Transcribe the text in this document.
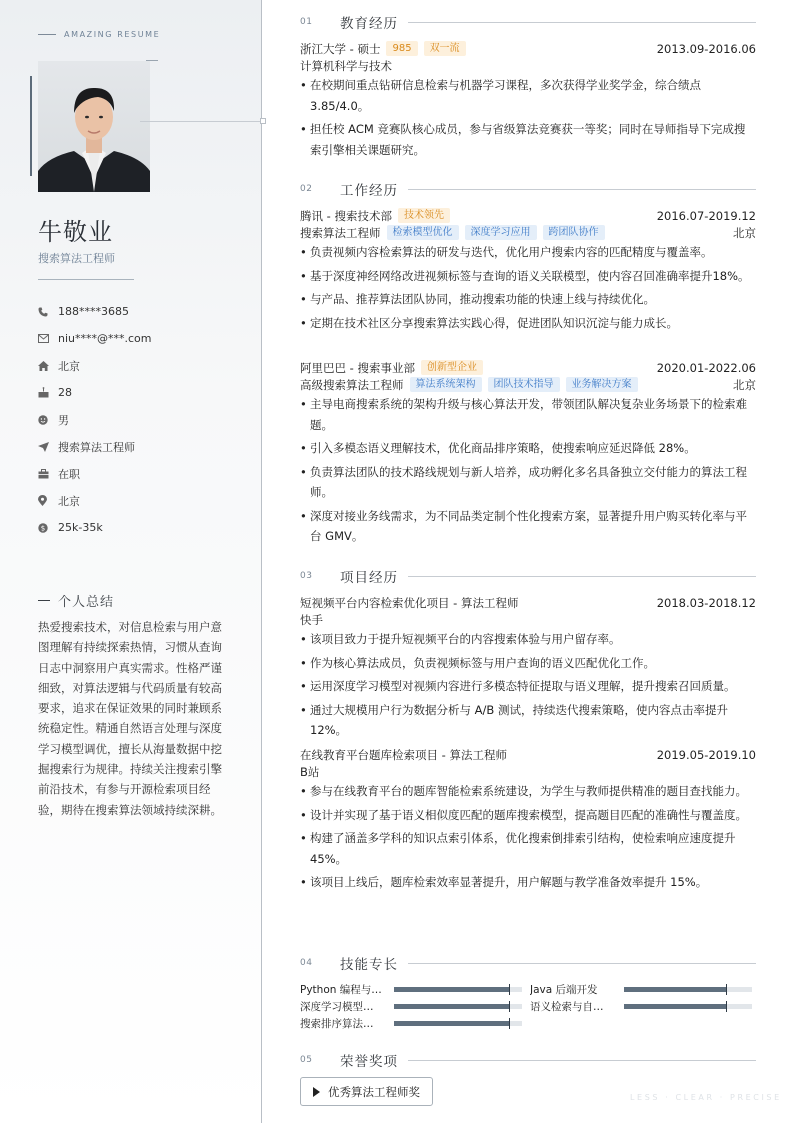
AMAZING RESUME
牛敬业
搜索算法工程师
188****3685
niu****@***.com
北京
28
男
搜索算法工程师
在职
北京
$ 25k-35k
个人总结
热爱搜索技术，对信息检索与用户意图理解有持续探索热情，习惯从查询日志中洞察用户真实需求。性格严谨细致，对算法逻辑与代码质量有较高要求，追求在保证效果的同时兼顾系统稳定性。精通自然语言处理与深度学习模型调优，擅长从海量数据中挖掘搜索行为规律。持续关注搜索引擎前沿技术，有参与开源检索项目经验，期待在搜索算法领域持续深耕。
01	教育经历
浙江大学 - 硕士	985	双一流	2013.09-2016.06
计算机科学与技术
• 在校期间重点钻研信息检索与机器学习课程，多次获得学业奖学金，综合绩点3.85/4.0。
• 担任校 ACM 竞赛队核心成员，参与省级算法竞赛获一等奖；同时在导师指导下完成搜索引擎相关课题研究。
02	工作经历
腾讯 - 搜索技术部	技术领先	2016.07-2019.12
搜索算法工程师	检索模型优化	深度学习应用	跨团队协作	北京
• 负责视频内容检索算法的研发与迭代，优化用户搜索内容的匹配精度与覆盖率。
• 基于深度神经网络改进视频标签与查询的语义关联模型，使内容召回准确率提升18%。
• 与产品、推荐算法团队协同，推动搜索功能的快速上线与持续优化。
• 定期在技术社区分享搜索算法实践心得，促进团队知识沉淀与能力成长。
阿里巴巴 - 搜索事业部	创新型企业	2020.01-2022.06
高级搜索算法工程师	算法系统架构	团队技术指导	业务解决方案	北京
• 主导电商搜索系统的架构升级与核心算法开发，带领团队解决复杂业务场景下的检索难题。
• 引入多模态语义理解技术，优化商品排序策略，使搜索响应延迟降低 28%。
• 负责算法团队的技术路线规划与新人培养，成功孵化多名具备独立交付能力的算法工程师。
• 深度对接业务线需求，为不同品类定制个性化搜索方案，显著提升用户购买转化率与平台 GMV。
03	项目经历
短视频平台内容检索优化项目 - 算法工程师	2018.03-2018.12
快手
• 该项目致力于提升短视频平台的内容搜索体验与用户留存率。
• 作为核心算法成员，负责视频标签与用户查询的语义匹配优化工作。
• 运用深度学习模型对视频内容进行多模态特征提取与语义理解，提升搜索召回质量。
• 通过大规模用户行为数据分析与 A/B 测试，持续迭代搜索策略，使内容点击率提升12%。
在线教育平台题库检索项目 - 算法工程师	2019.05-2019.10
B站
• 参与在线教育平台的题库智能检索系统建设，为学生与教师提供精准的题目查找能力。
• 设计并实现了基于语义相似度匹配的题库搜索模型，提高题目匹配的准确性与覆盖度。
• 构建了涵盖多学科的知识点索引体系，优化搜索倒排索引结构，使检索响应速度提升45%。
• 该项目上线后，题库检索效率显著提升，用户解题与教学准备效率提升 15%。
04	技能专长
Python 编程与…	Java 后端开发
深度学习模型…	语义检索与自…
搜索排序算法…
05	荣誉奖项
优秀算法工程师奖	LESS · CLEAR · PRECISE
